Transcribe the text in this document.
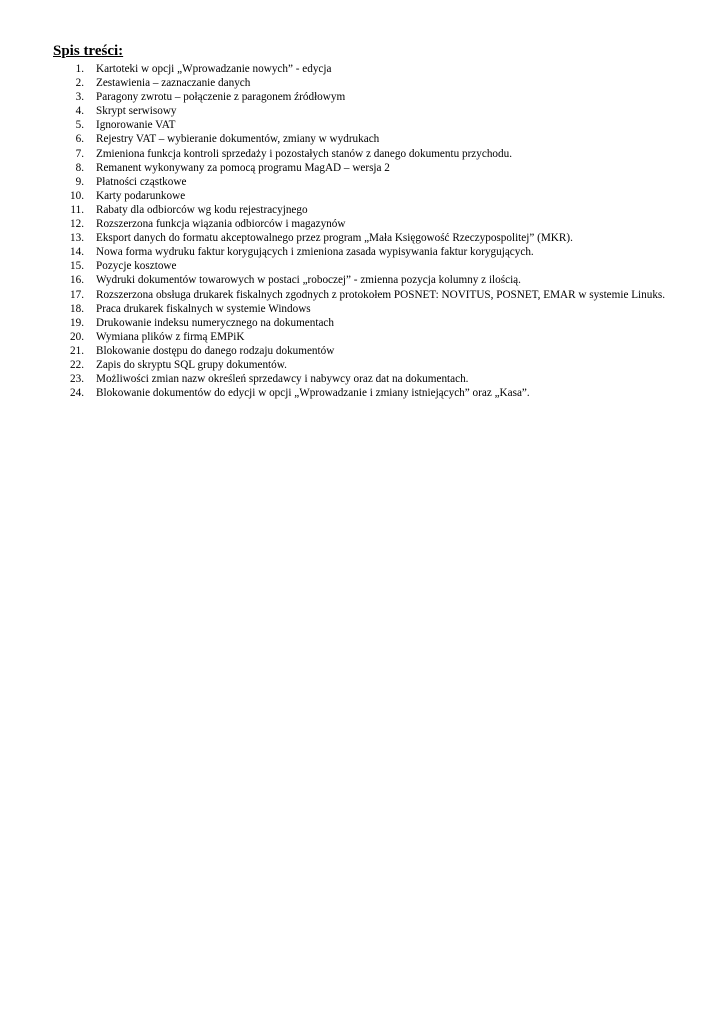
Spis treści:
1.	Kartoteki w opcji „Wprowadzanie nowych” - edycja
2.	Zestawienia – zaznaczanie danych
3.	Paragony zwrotu – połączenie z paragonem źródłowym
4.	Skrypt serwisowy
5.	Ignorowanie VAT
6.	Rejestry VAT – wybieranie dokumentów, zmiany w wydrukach
7.	Zmieniona funkcja kontroli sprzedaży i pozostałych stanów z danego dokumentu przychodu.
8.	Remanent wykonywany za pomocą programu MagAD – wersja 2
9.	Płatności cząstkowe
10.	Karty podarunkowe
11.	Rabaty dla odbiorców wg kodu rejestracyjnego
12.	Rozszerzona funkcja wiązania odbiorców i magazynów
13.	Eksport danych do formatu akceptowalnego przez program „Mała Księgowość Rzeczypospolitej” (MKR).
14.	Nowa forma wydruku faktur korygujących i zmieniona zasada wypisywania faktur korygujących.
15.	Pozycje kosztowe
16.	Wydruki dokumentów towarowych w postaci „roboczej” - zmienna pozycja kolumny z ilością.
17.	Rozszerzona obsługa drukarek fiskalnych zgodnych z protokołem POSNET: NOVITUS, POSNET, EMAR w systemie Linuks.
18.	Praca drukarek fiskalnych w systemie Windows
19.	Drukowanie indeksu numerycznego na dokumentach
20.	Wymiana plików z firmą EMPiK
21.	Blokowanie dostępu do danego rodzaju dokumentów
22.	Zapis do skryptu SQL grupy dokumentów.
23.	Możliwości zmian nazw określeń sprzedawcy i nabywcy oraz dat na dokumentach.
24.	Blokowanie dokumentów do edycji w opcji „Wprowadzanie i zmiany istniejących” oraz „Kasa”.
